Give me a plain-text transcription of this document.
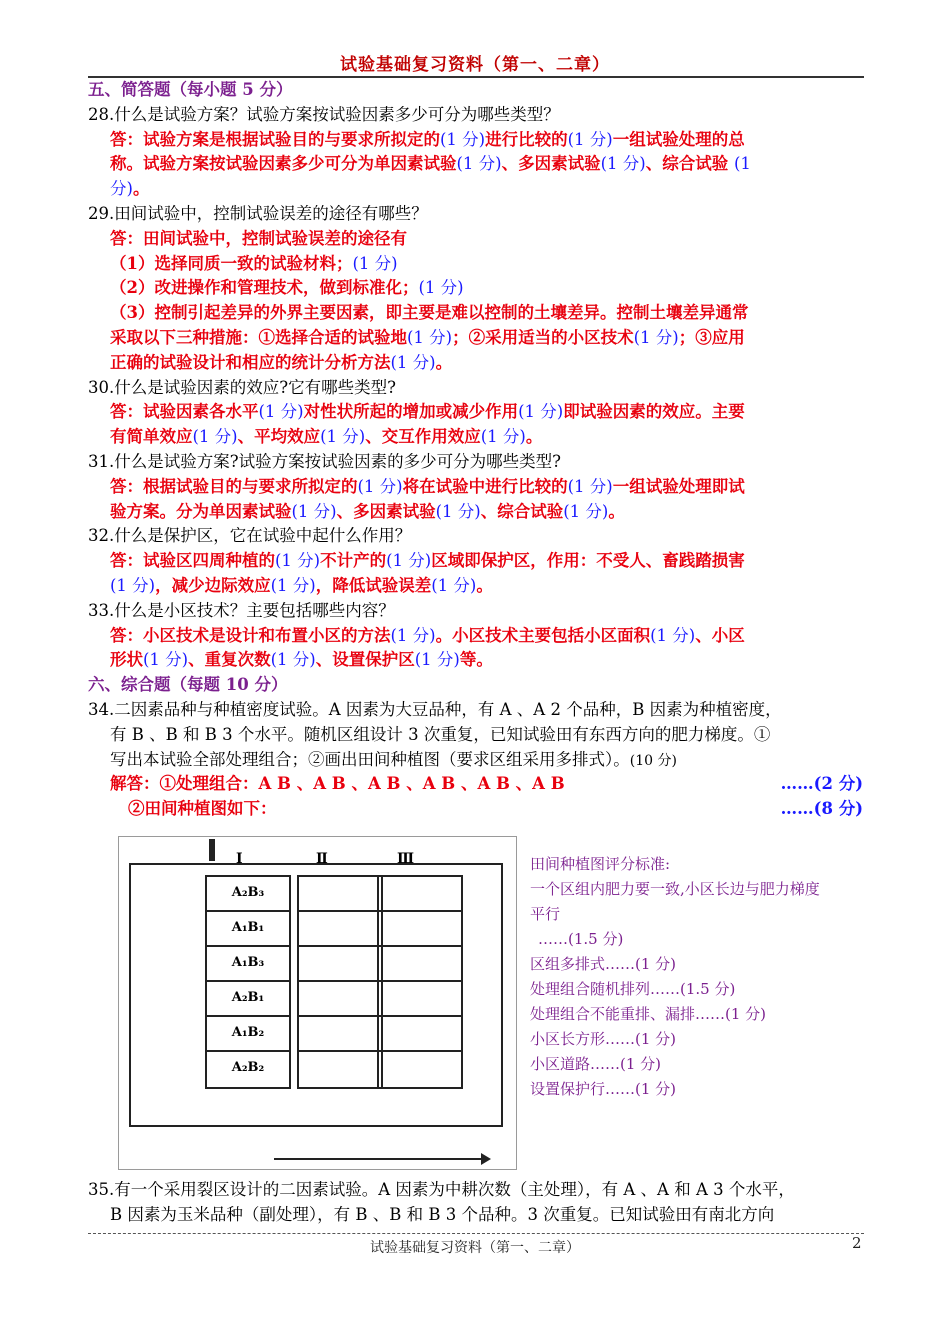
试验基础复习资料（第一、二章）
五、简答题（每小题 5 分）
28.什么是试验方案？试验方案按试验因素多少可分为哪些类型？
答：试验方案是根据试验目的与要求所拟定的(1 分)进行比较的(1 分)一组试验处理的总
称。试验方案按试验因素多少可分为单因素试验(1 分)、多因素试验(1 分)、综合试验 (1
分)。
29.田间试验中，控制试验误差的途径有哪些？
答：田间试验中，控制试验误差的途径有
（1）选择同质一致的试验材料；(1 分)
（2）改进操作和管理技术，做到标准化；(1 分)
（3）控制引起差异的外界主要因素，即主要是难以控制的土壤差异。控制土壤差异通常
采取以下三种措施：①选择合适的试验地(1 分)；②采用适当的小区技术(1 分)；③应用
正确的试验设计和相应的统计分析方法(1 分)。
30.什么是试验因素的效应?它有哪些类型?
答：试验因素各水平(1 分)对性状所起的增加或减少作用(1 分)即试验因素的效应。主要
有简单效应(1 分)、平均效应(1 分)、交互作用效应(1 分)。
31.什么是试验方案?试验方案按试验因素的多少可分为哪些类型?
答：根据试验目的与要求所拟定的(1 分)将在试验中进行比较的(1 分)一组试验处理即试
验方案。分为单因素试验(1 分)、多因素试验(1 分)、综合试验(1 分)。
32.什么是保护区，它在试验中起什么作用？
答：试验区四周种植的(1 分)不计产的(1 分)区域即保护区，作用：不受人、畜践踏损害
(1 分)，减少边际效应(1 分)，降低试验误差(1 分)。
33.什么是小区技术？主要包括哪些内容？
答：小区技术是设计和布置小区的方法(1 分)。小区技术主要包括小区面积(1 分)、小区
形状(1 分)、重复次数(1 分)、设置保护区(1 分)等。
六、综合题（每题 10 分）
34.二因素品种与种植密度试验。A 因素为大豆品种，有 A 、A 2 个品种，B 因素为种植密度，
有 B 、B 和 B 3 个水平。随机区组设计 3 次重复，已知试验田有东西方向的肥力梯度。①
写出本试验全部处理组合；②画出田间种植图（要求区组采用多排式）。(10 分)
解答：①处理组合：A B 、A B 、A B 、A B 、A B 、A B	……(2 分)
②田间种植图如下：	……(8 分)
Ⅰ	Ⅱ	Ⅲ
A₂B₃
A₁B₁
A₁B₃
A₂B₁
A₁B₂
A₂B₂
田间种植图评分标准:
一个区组内肥力要一致,小区长边与肥力梯度
平行
……(1.5 分)
区组多排式……(1 分)
处理组合随机排列……(1.5 分)
处理组合不能重排、漏排……(1 分)
小区长方形……(1 分)
小区道路……(1 分)
设置保护行……(1 分)
35.有一个采用裂区设计的二因素试验。A 因素为中耕次数（主处理），有 A 、A 和 A 3 个水平，
B 因素为玉米品种（副处理），有 B 、B 和 B 3 个品种。3 次重复。已知试验田有南北方向
试验基础复习资料（第一、二章）	2
